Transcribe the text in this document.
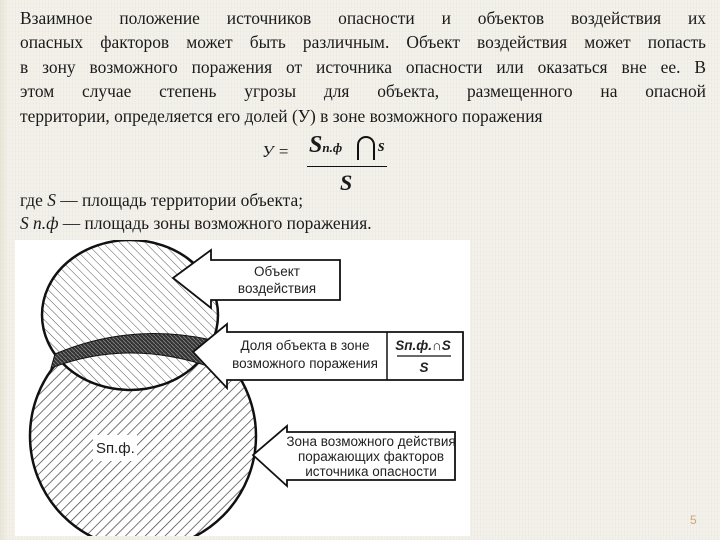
Взаимное положение источников опасности и объектов воздействия их

опасных факторов может быть различным. Объект воздействия может попасть

в зону возможного поражения от источника опасности или оказаться вне ее. В

этом случае степень угрозы для объекта, размещенного на опасной

территории, определяется его долей (У) в зоне возможного поражения

У = Sп.ф s
S

где S — площадь территории объекта;

S п.ф — площадь зоны возможного поражения.

Sп.ф.
Объект
воздействия
Доля объекта в зоне
возможного поражения
Sп.ф.∩S
S
Зона возможного действия
поражающих факторов
источника опасности
5
